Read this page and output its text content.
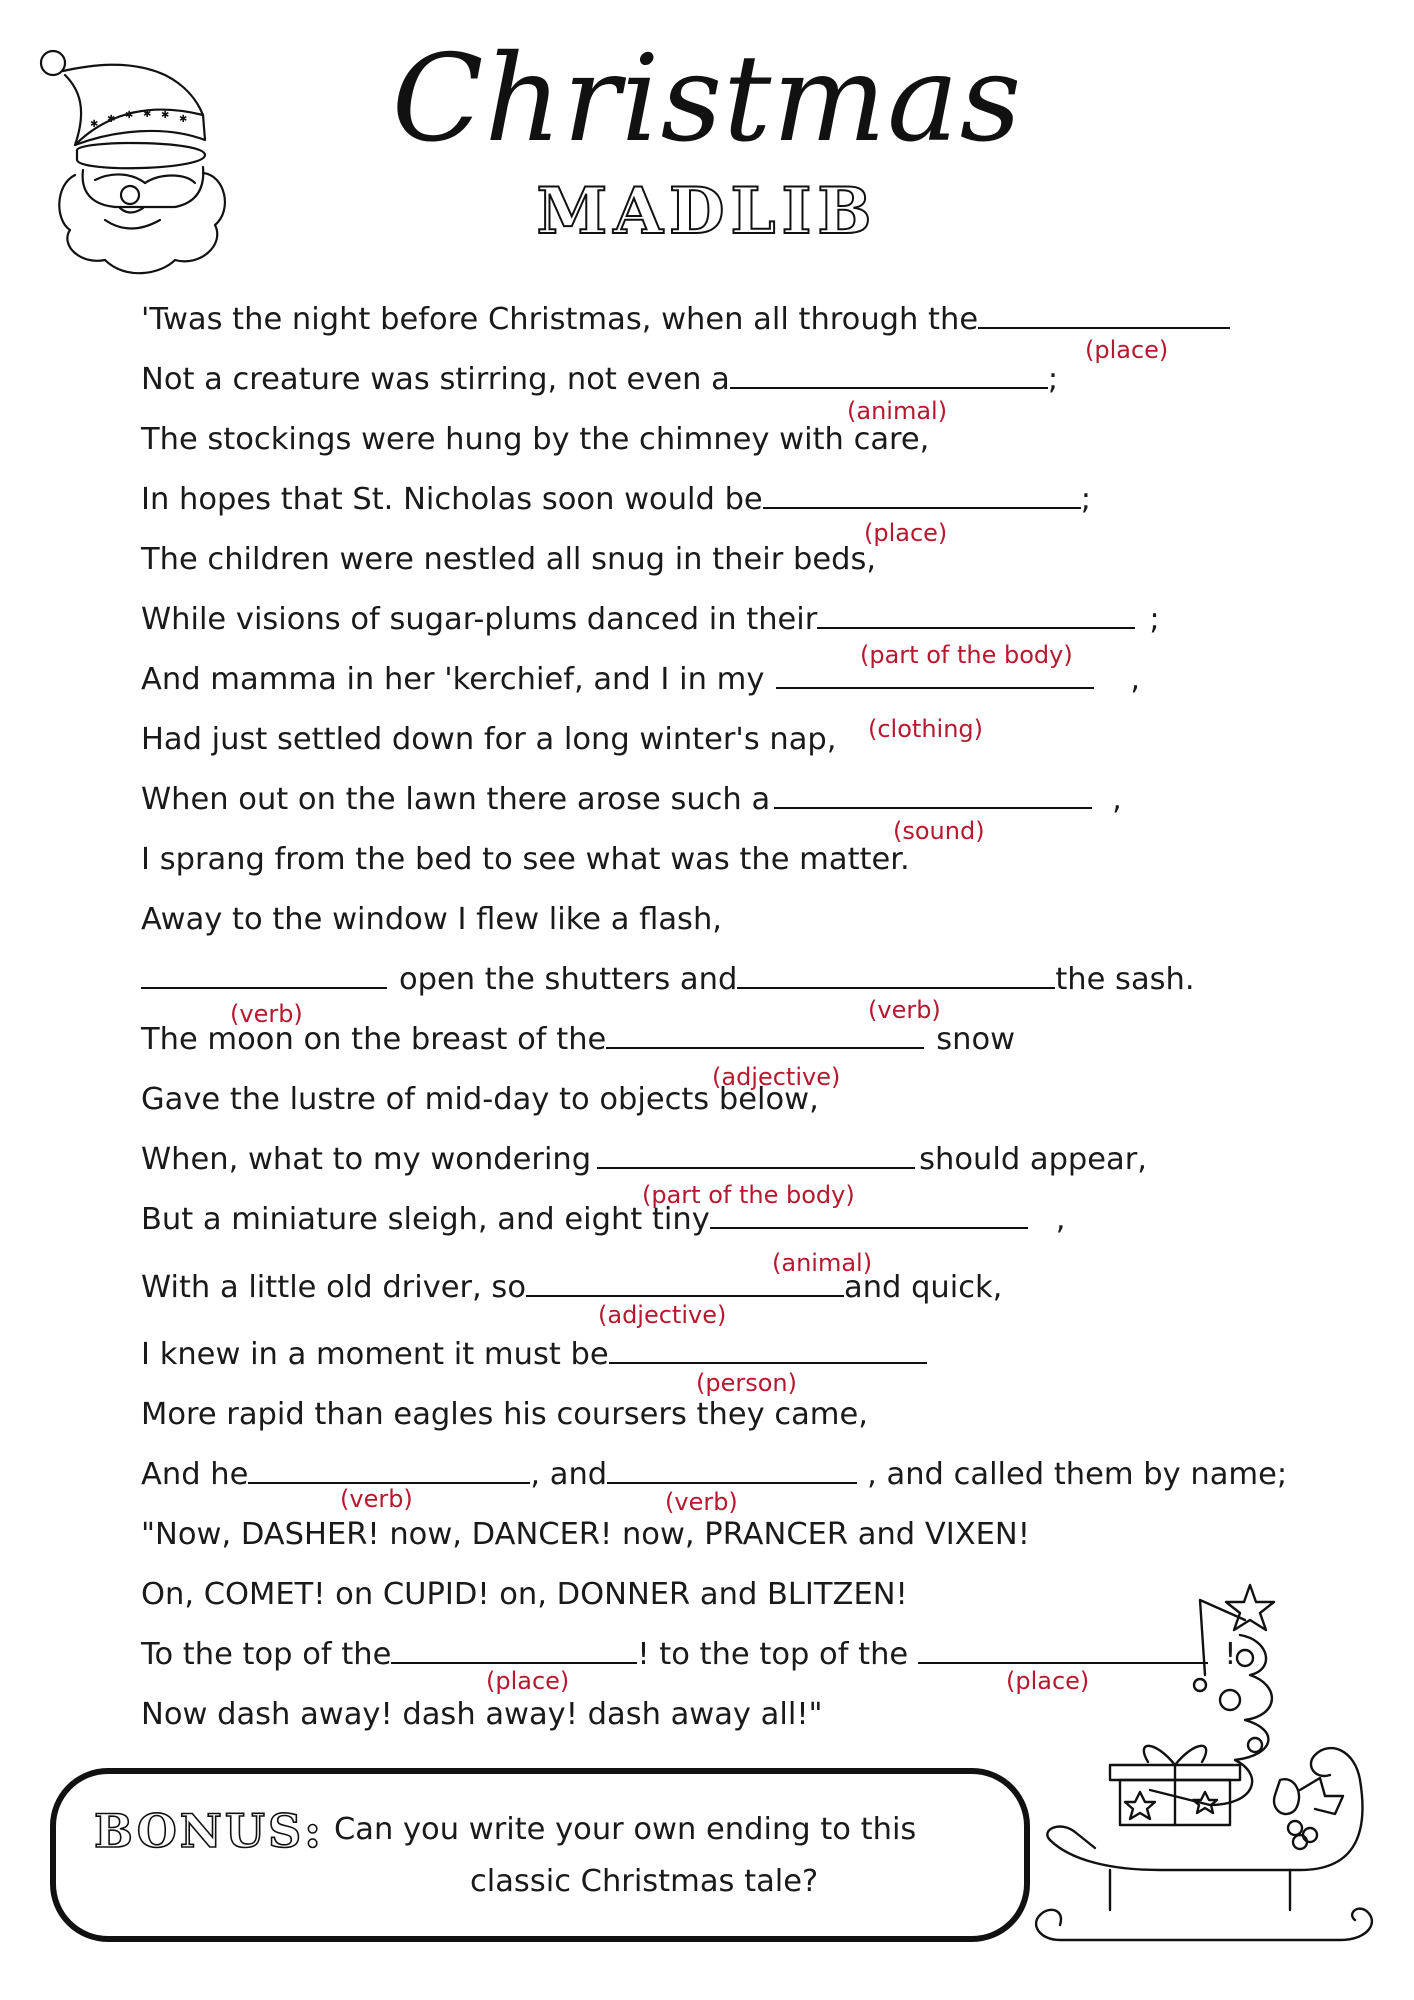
✱ ✱ ✱ ✱ ✱ ✱	Christmas
MADLIB
'Twas the night before Christmas, when all through the
(place)
Not a creature was stirring, not even a	;
(animal)
The stockings were hung by the chimney with care,
In hopes that St. Nicholas soon would be	;
(place)
The children were nestled all snug in their beds,
While visions of sugar-plums danced in their	;
(part of the body)
And mamma in her 'kerchief, and I in my	,
Had just settled down for a long winter's nap, (clothing)
When out on the lawn there arose such a	,
(sound)
I sprang from the bed to see what was the matter.
Away to the window I flew like a flash,
open the shutters and	the sash.
(verb)	(verb)
The moon on the breast of the	snow
(adjective)
Gave the lustre of mid-day to objects below,
When, what to my wondering	should appear,
(part of the body)
But a miniature sleigh, and eight tiny	,
(animal)
With a little old driver, so	and quick,
(adjective)
I knew in a moment it must be
(person)
More rapid than eagles his coursers they came,
And he	, and	, and called them by name;
(verb)	(verb)
"Now, DASHER! now, DANCER! now, PRANCER and VIXEN!
On, COMET! on CUPID! on, DONNER and BLITZEN!
To the top of the	! to the top of the	!
(place)	(place)
Now dash away! dash away! dash away all!"
BONUS: Can you write your own ending to this
classic Christmas tale?
